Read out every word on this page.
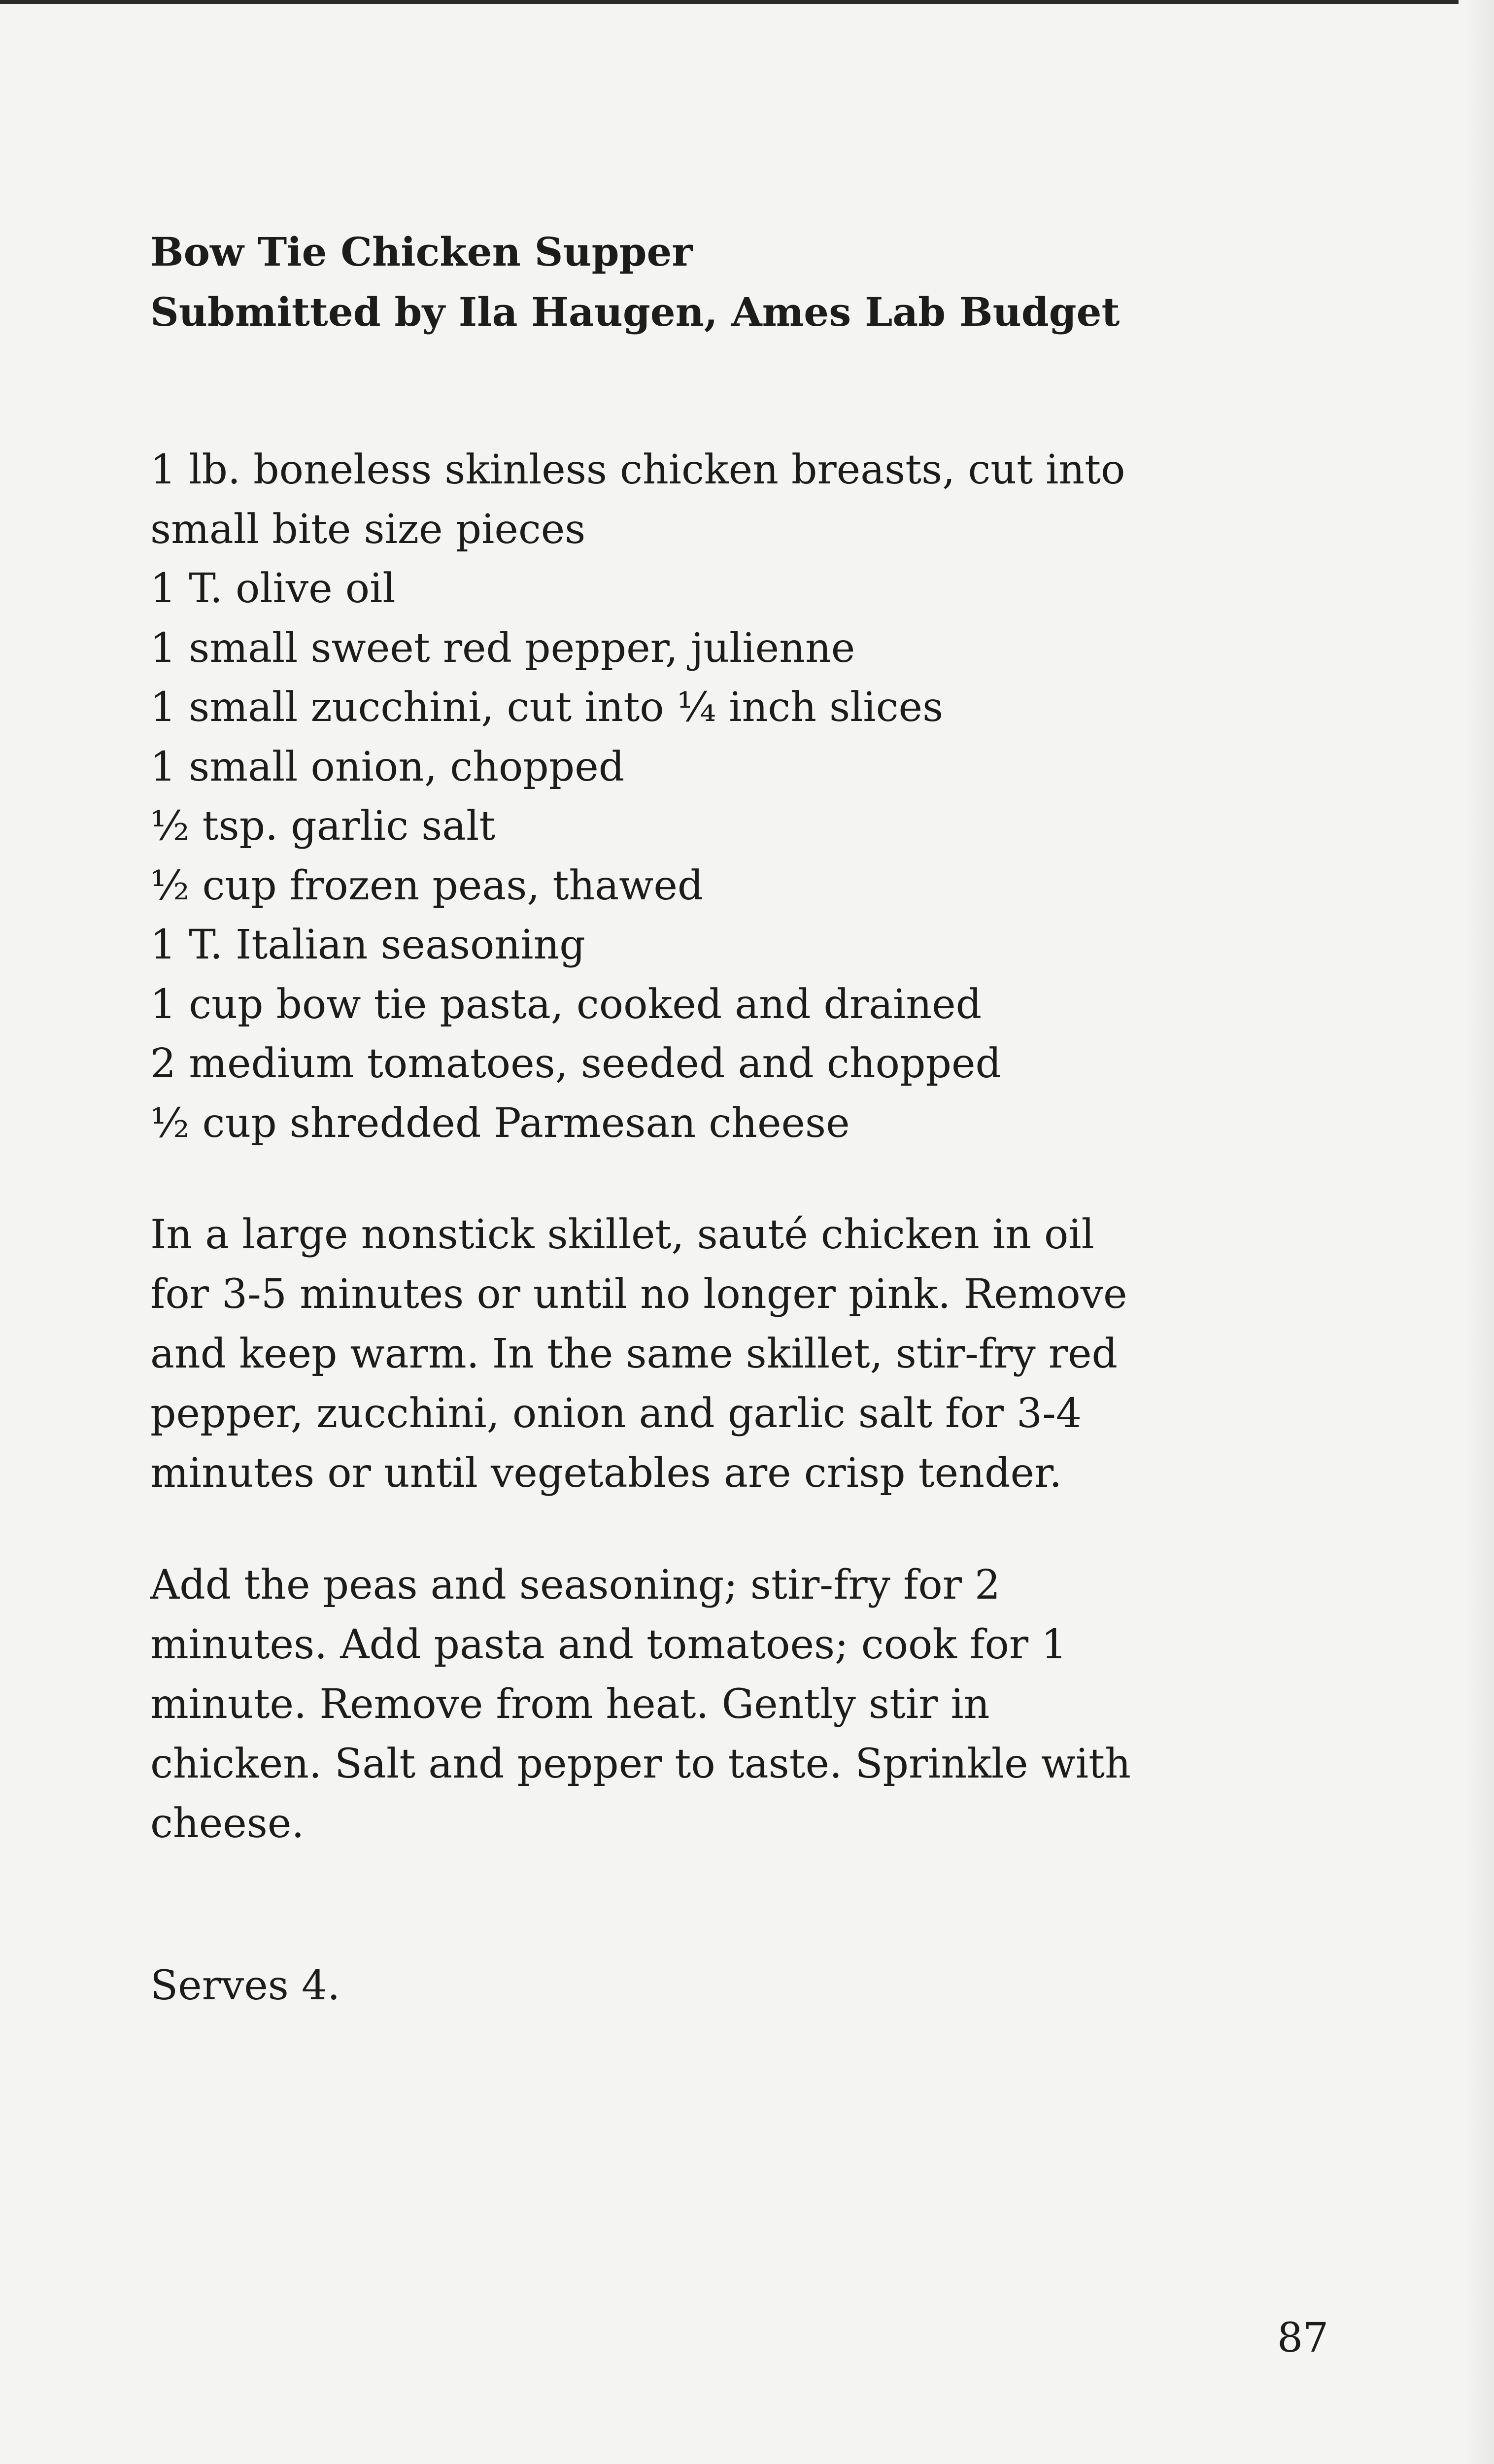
Bow Tie Chicken Supper
Submitted by Ila Haugen, Ames Lab Budget
1 lb. boneless skinless chicken breasts, cut into
small bite size pieces
1 T. olive oil
1 small sweet red pepper, julienne
1 small zucchini, cut into ¼ inch slices
1 small onion, chopped
½ tsp. garlic salt
½ cup frozen peas, thawed
1 T. Italian seasoning
1 cup bow tie pasta, cooked and drained
2 medium tomatoes, seeded and chopped
½ cup shredded Parmesan cheese
In a large nonstick skillet, sauté chicken in oil
for 3-5 minutes or until no longer pink. Remove
and keep warm. In the same skillet, stir-fry red
pepper, zucchini, onion and garlic salt for 3-4
minutes or until vegetables are crisp tender.
Add the peas and seasoning; stir-fry for 2
minutes. Add pasta and tomatoes; cook for 1
minute. Remove from heat. Gently stir in
chicken. Salt and pepper to taste. Sprinkle with
cheese.
Serves 4.
87
